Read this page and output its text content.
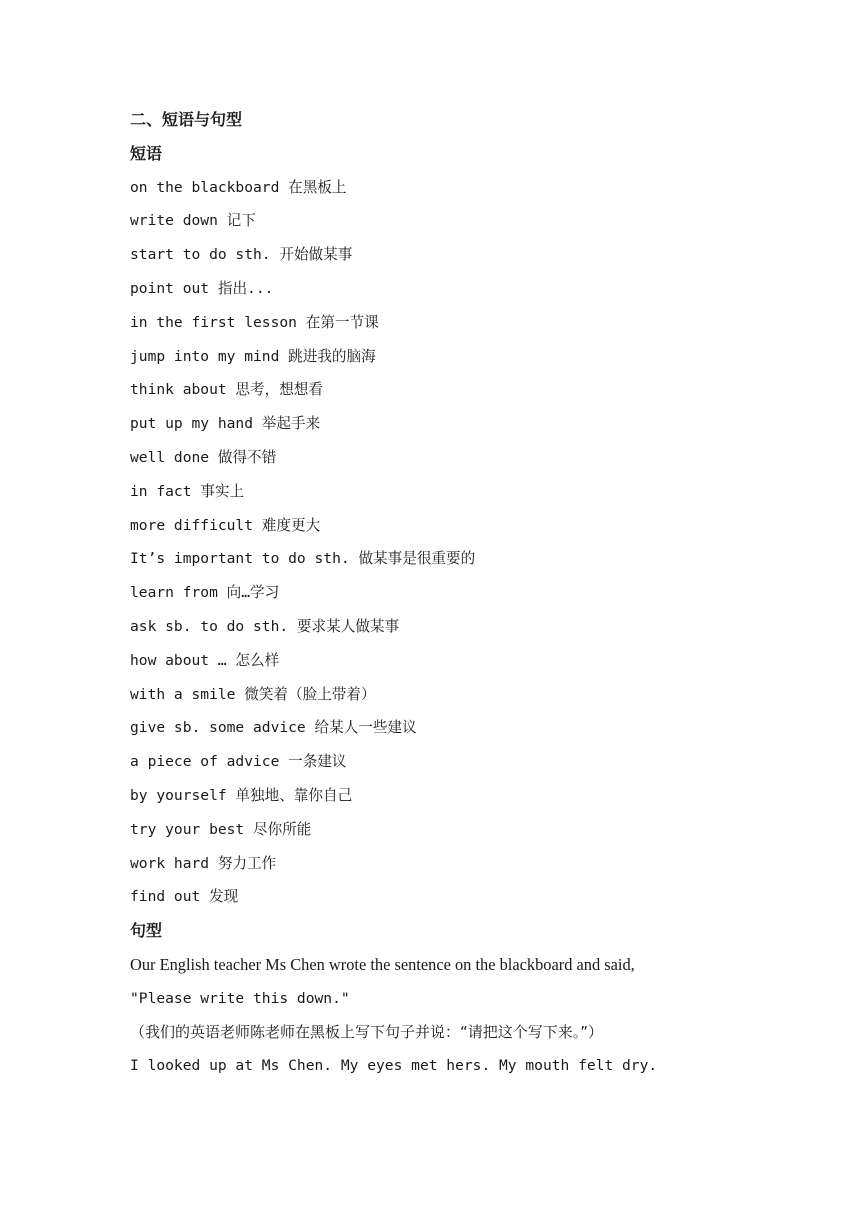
二、短语与句型
短语
on the blackboard 在黑板上
write down 记下
start to do sth. 开始做某事
point out 指出...
in the first lesson 在第一节课
jump into my mind 跳进我的脑海
think about 思考，想想看
put up my hand 举起手来
well done 做得不错
in fact 事实上
more difficult 难度更大
It’s important to do sth. 做某事是很重要的
learn from 向…学习
ask sb. to do sth. 要求某人做某事
how about … 怎么样
with a smile 微笑着（脸上带着）
give sb. some advice 给某人一些建议
a piece of advice 一条建议
by yourself 单独地、靠你自己
try your best 尽你所能
work hard 努力工作
find out 发现
句型
Our English teacher Ms Chen wrote the sentence on the blackboard and said,
"Please write this down."
（我们的英语老师陈老师在黑板上写下句子并说：“请把这个写下来。”）
I looked up at Ms Chen. My eyes met hers. My mouth felt dry.
